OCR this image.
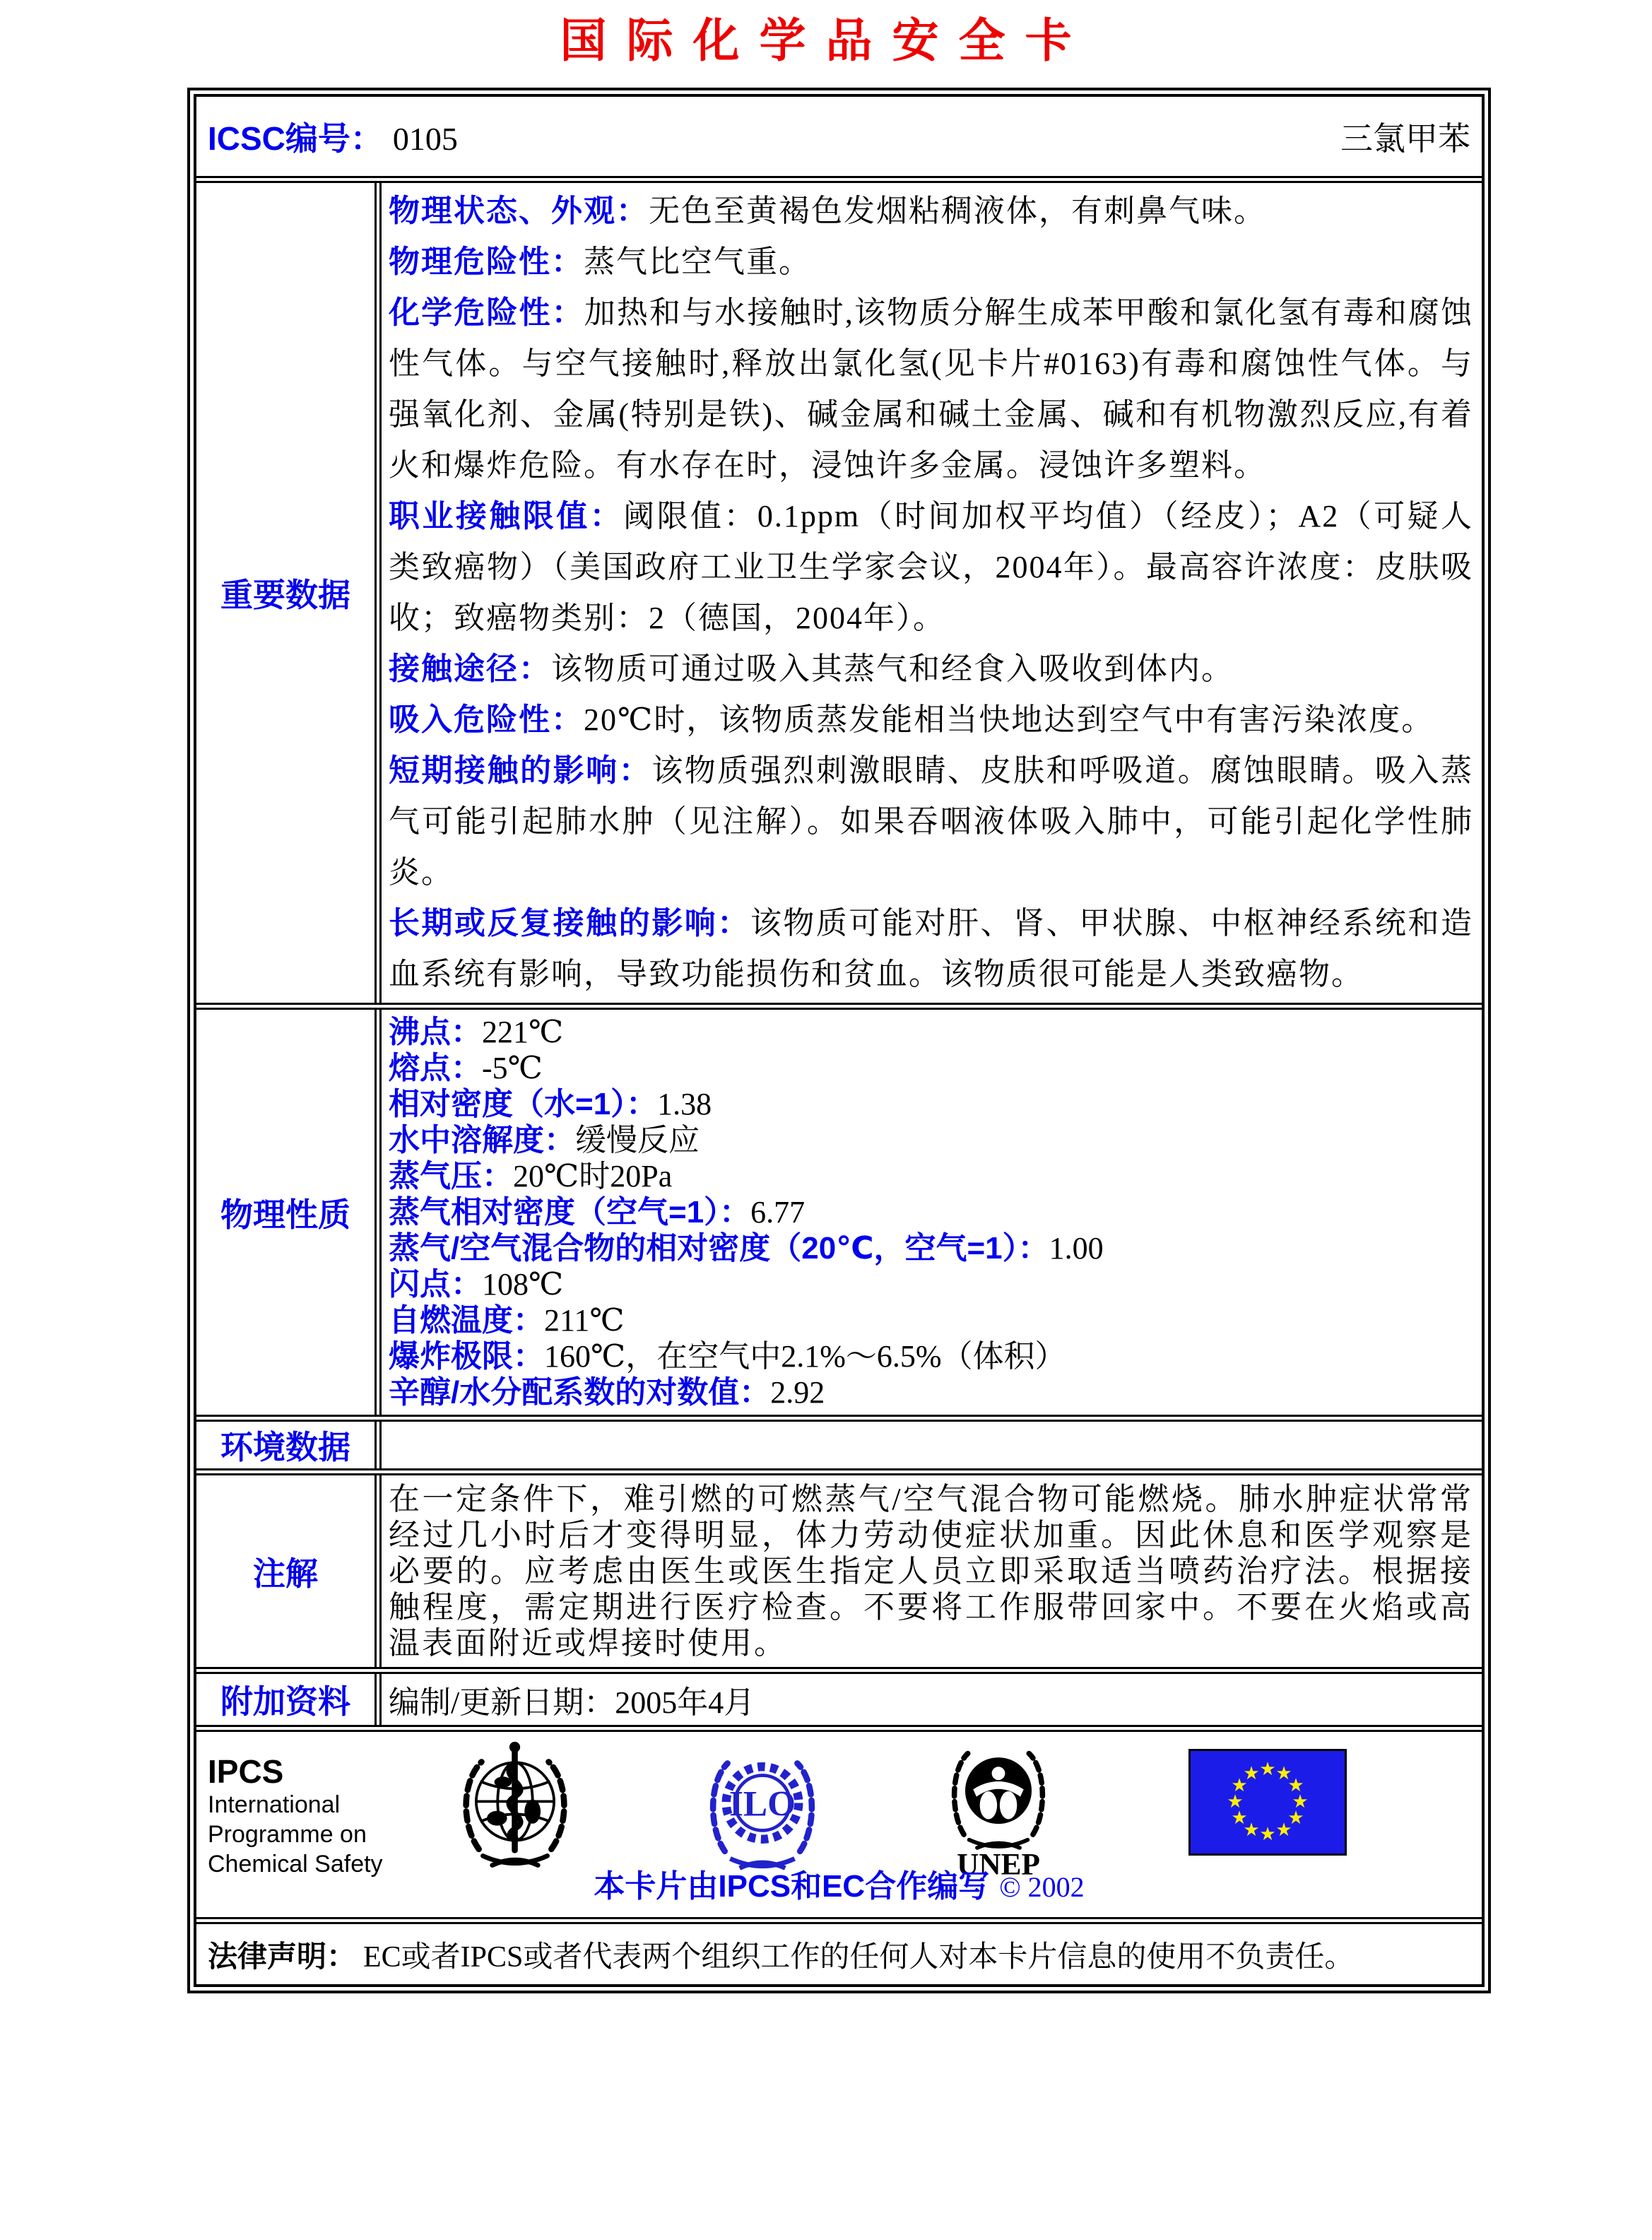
国际化学品安全卡
ICSC编号： 0105	三氯甲苯
重要数据
物理状态、外观：无色至黄褐色发烟粘稠液体，有刺鼻气味。
物理危险性：蒸气比空气重。
化学危险性：加热和与水接触时,该物质分解生成苯甲酸和氯化氢有毒和腐蚀性气体。与空气接触时,释放出氯化氢(见卡片#0163)有毒和腐蚀性气体。与强氧化剂、金属(特别是铁)、碱金属和碱土金属、碱和有机物激烈反应,有着火和爆炸危险。有水存在时，浸蚀许多金属。浸蚀许多塑料。
职业接触限值：阈限值：0.1ppm（时间加权平均值）（经皮）；A2（可疑人类致癌物）（美国政府工业卫生学家会议，2004年）。最高容许浓度：皮肤吸收；致癌物类别：2（德国，2004年）。
接触途径：该物质可通过吸入其蒸气和经食入吸收到体内。
吸入危险性：20℃时，该物质蒸发能相当快地达到空气中有害污染浓度。
短期接触的影响：该物质强烈刺激眼睛、皮肤和呼吸道。腐蚀眼睛。吸入蒸气可能引起肺水肿（见注解）。如果吞咽液体吸入肺中，可能引起化学性肺炎。
长期或反复接触的影响：该物质可能对肝、肾、甲状腺、中枢神经系统和造血系统有影响，导致功能损伤和贫血。该物质很可能是人类致癌物。
物理性质
沸点：221℃
熔点：-5℃
相对密度（水=1）：1.38
水中溶解度：缓慢反应
蒸气压：20℃时20Pa
蒸气相对密度（空气=1）：6.77
蒸气/空气混合物的相对密度（20℃，空气=1）：1.00
闪点：108℃
自燃温度：211℃
爆炸极限：160℃，在空气中2.1%～6.5%（体积）
辛醇/水分配系数的对数值：2.92
环境数据
注解
在一定条件下，难引燃的可燃蒸气/空气混合物可能燃烧。肺水肿症状常常经过几小时后才变得明显，体力劳动使症状加重。因此休息和医学观察是必要的。应考虑由医生或医生指定人员立即采取适当喷药治疗法。根据接触程度，需定期进行医疗检查。不要将工作服带回家中。不要在火焰或高温表面附近或焊接时使用。
附加资料	编制/更新日期： 2005年4月
IPCS
International
Programme on
Chemical Safety
ILO
UNEP
★
★
★
★
★
★
★
★
★
★
★
★
本卡片由IPCS和EC合作编写 © 2002
法律声明： EC或者IPCS或者代表两个组织工作的任何人对本卡片信息的使用不负责任。
